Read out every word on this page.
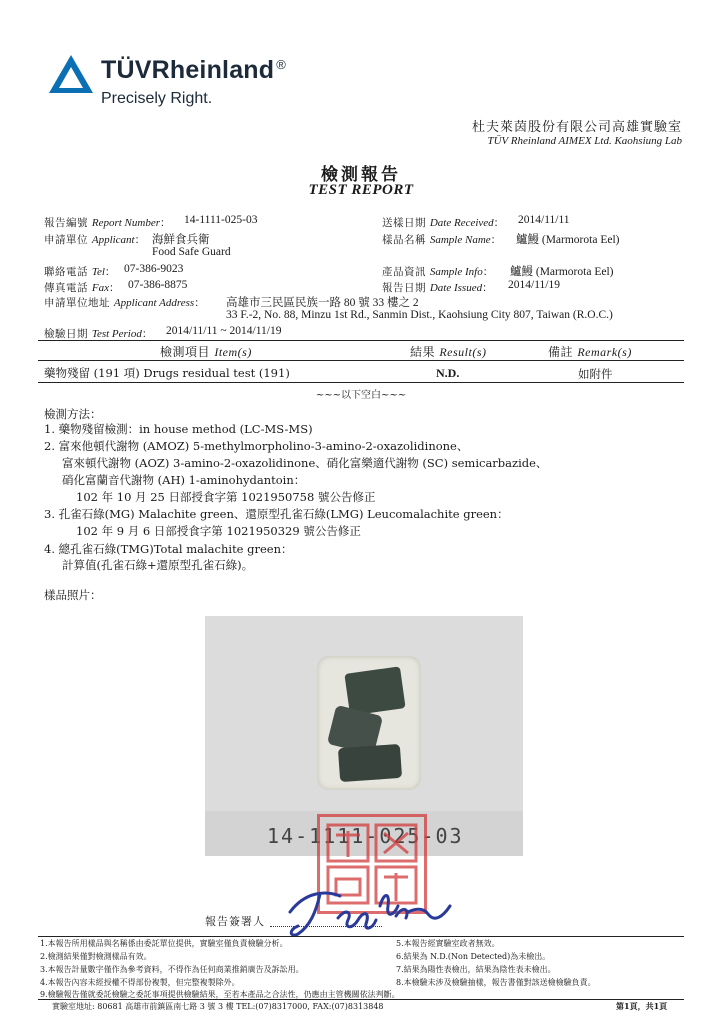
TÜVRheinland ®
Precisely Right.
杜夫萊茵股份有限公司高雄實驗室
TÜV Rheinland AIMEX Ltd. Kaohsiung Lab
檢測報告
TEST REPORT
報告編號 Report Number： 14-1111-025-03
申請單位 Applicant： 海鮮食兵衛
Food Safe Guard
聯絡電話 Tel： 07-386-9023
傳真電話 Fax： 07-386-8875
申請單位地址 Applicant Address： 高雄市三民區民族一路 80 號 33 樓之 2
33 F.-2, No. 88, Minzu 1st Rd., Sanmin Dist., Kaohsiung City 807, Taiwan (R.O.C.)
檢驗日期 Test Period： 2014/11/11 ~ 2014/11/19
送樣日期 Date Received： 2014/11/11
樣品名稱 Sample Name： 鱸鰻 (Marmorota Eel)
產品資訊 Sample Info： 鱸鰻 (Marmorota Eel)
報告日期 Date Issued： 2014/11/19
檢測項目 Item(s)	結果 Result(s)	備註 Remark(s)
藥物殘留 (191 項) Drugs residual test (191)	N.D.	如附件
~~~以下空白~~~
檢測方法：
1. 藥物殘留檢測：in house method (LC-MS-MS)
2. 富來他頓代謝物 (AMOZ) 5-methylmorpholino-3-amino-2-oxazolidinone、
富來頓代謝物 (AOZ) 3-amino-2-oxazolidinone、硝化富樂適代謝物 (SC) semicarbazide、
硝化富蘭音代謝物 (AH) 1-aminohydantoin：
102 年 10 月 25 日部授食字第 1021950758 號公告修正
3. 孔雀石綠(MG) Malachite green、還原型孔雀石綠(LMG) Leucomalachite green：
102 年 9 月 6 日部授食字第 1021950329 號公告修正
4. 總孔雀石綠(TMG)Total malachite green：
計算值(孔雀石綠+還原型孔雀石綠)。
樣品照片：
14-1111-025-03
報告簽署人
1.本報告所用樣品與名稱係由委託單位提供，實驗室僅負責檢驗分析。
2.檢測結果僅對檢測樣品有效。
3.本報告計量數字僅作為參考資料，不得作為任何商業推銷廣告及訴訟用。
4.本報告內容未經授權不得部份複製，但完整複製除外。
9.檢驗報告僅就委託檢驗之委託事項提供檢驗結果，至若本產品之合法性，仍應由主管機關依法判斷。
5.本報告經實驗室政者無效。
6.結果為 N.D.(Non Detected)為未檢出。
7.結果為陽性表檢出，結果為陰性表未檢出。
8.本檢驗未涉及檢驗抽樣，報告書僅對該送檢檢驗負責。
實驗室地址: 80681 高雄市前鎮區南七路 3 號 3 樓 TEL:(07)8317000, FAX:(07)8313848	第1頁，共1頁
